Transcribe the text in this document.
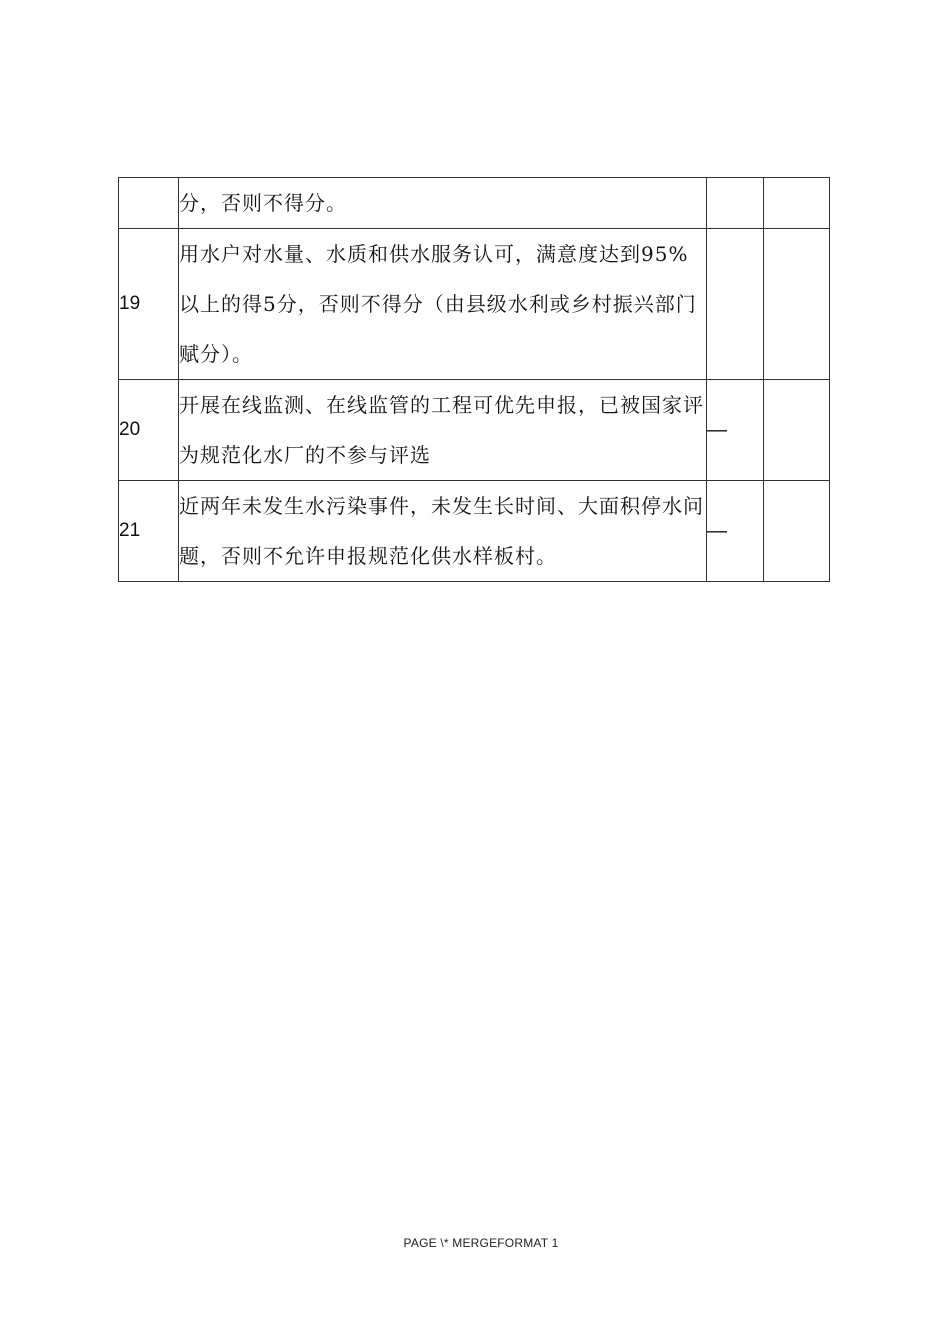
	分，否则不得分。		
19	用水户对水量、水质和供水服务认可，满意度达到95%以上的得5分，否则不得分（由县级水利或乡村振兴部门赋分）。		
20	开展在线监测、在线监管的工程可优先申报，已被国家评为规范化水厂的不参与评选	—	
21	近两年未发生水污染事件，未发生长时间、大面积停水问题，否则不允许申报规范化供水样板村。	—	
PAGE \* MERGEFORMAT 1
